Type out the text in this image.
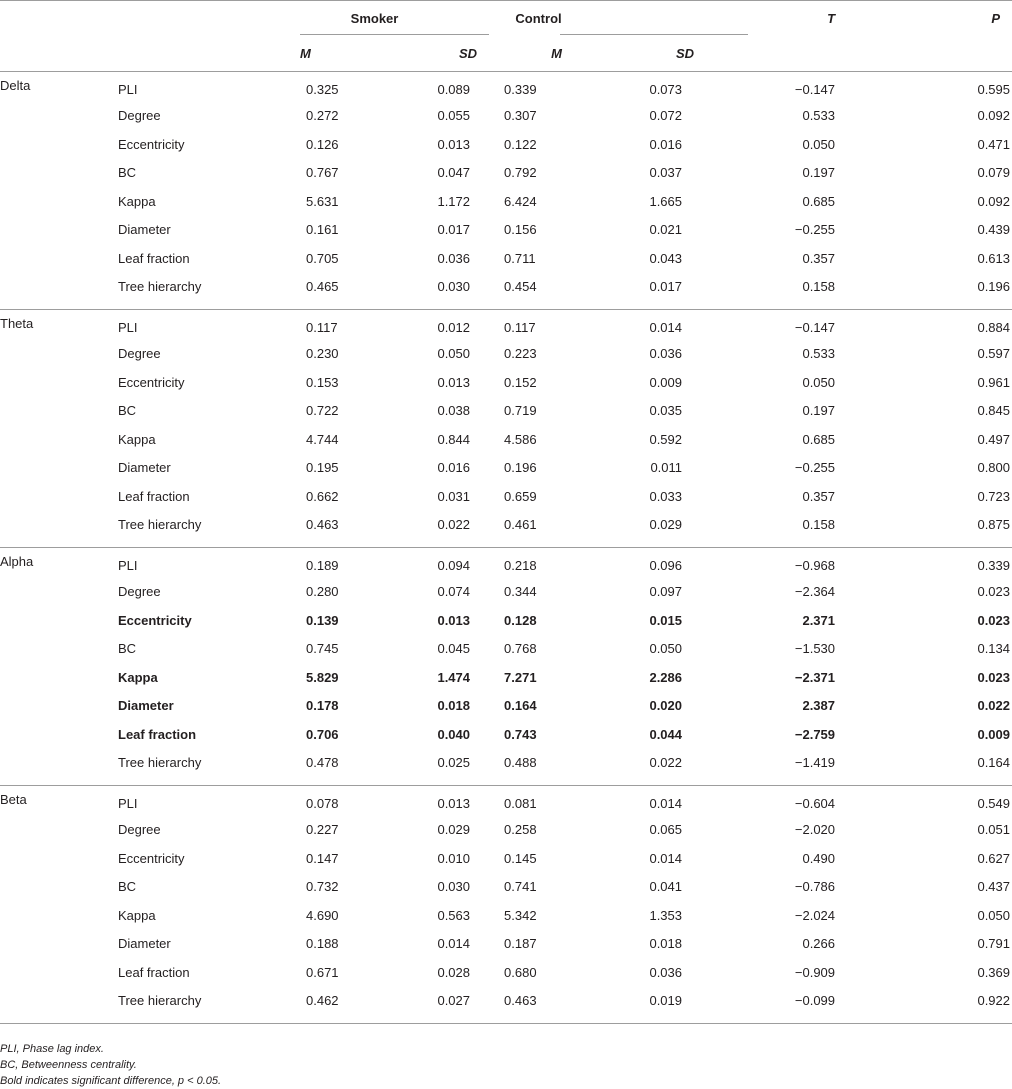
		Smoker		Control		T	P
		M	SD	M	SD		
Delta	PLI	0.325	0.089	0.339	0.073	−0.147	0.595
	Degree	0.272	0.055	0.307	0.072	0.533	0.092
	Eccentricity	0.126	0.013	0.122	0.016	0.050	0.471
	BC	0.767	0.047	0.792	0.037	0.197	0.079
	Kappa	5.631	1.172	6.424	1.665	0.685	0.092
	Diameter	0.161	0.017	0.156	0.021	−0.255	0.439
	Leaf fraction	0.705	0.036	0.711	0.043	0.357	0.613
	Tree hierarchy	0.465	0.030	0.454	0.017	0.158	0.196
Theta	PLI	0.117	0.012	0.117	0.014	−0.147	0.884
	Degree	0.230	0.050	0.223	0.036	0.533	0.597
	Eccentricity	0.153	0.013	0.152	0.009	0.050	0.961
	BC	0.722	0.038	0.719	0.035	0.197	0.845
	Kappa	4.744	0.844	4.586	0.592	0.685	0.497
	Diameter	0.195	0.016	0.196	0.011	−0.255	0.800
	Leaf fraction	0.662	0.031	0.659	0.033	0.357	0.723
	Tree hierarchy	0.463	0.022	0.461	0.029	0.158	0.875
Alpha	PLI	0.189	0.094	0.218	0.096	−0.968	0.339
	Degree	0.280	0.074	0.344	0.097	−2.364	0.023
	Eccentricity	0.139	0.013	0.128	0.015	2.371	0.023
	BC	0.745	0.045	0.768	0.050	−1.530	0.134
	Kappa	5.829	1.474	7.271	2.286	−2.371	0.023
	Diameter	0.178	0.018	0.164	0.020	2.387	0.022
	Leaf fraction	0.706	0.040	0.743	0.044	−2.759	0.009
	Tree hierarchy	0.478	0.025	0.488	0.022	−1.419	0.164
Beta	PLI	0.078	0.013	0.081	0.014	−0.604	0.549
	Degree	0.227	0.029	0.258	0.065	−2.020	0.051
	Eccentricity	0.147	0.010	0.145	0.014	0.490	0.627
	BC	0.732	0.030	0.741	0.041	−0.786	0.437
	Kappa	4.690	0.563	5.342	1.353	−2.024	0.050
	Diameter	0.188	0.014	0.187	0.018	0.266	0.791
	Leaf fraction	0.671	0.028	0.680	0.036	−0.909	0.369
	Tree hierarchy	0.462	0.027	0.463	0.019	−0.099	0.922
PLI, Phase lag index.
BC, Betweenness centrality.
Bold indicates significant difference, p < 0.05.
